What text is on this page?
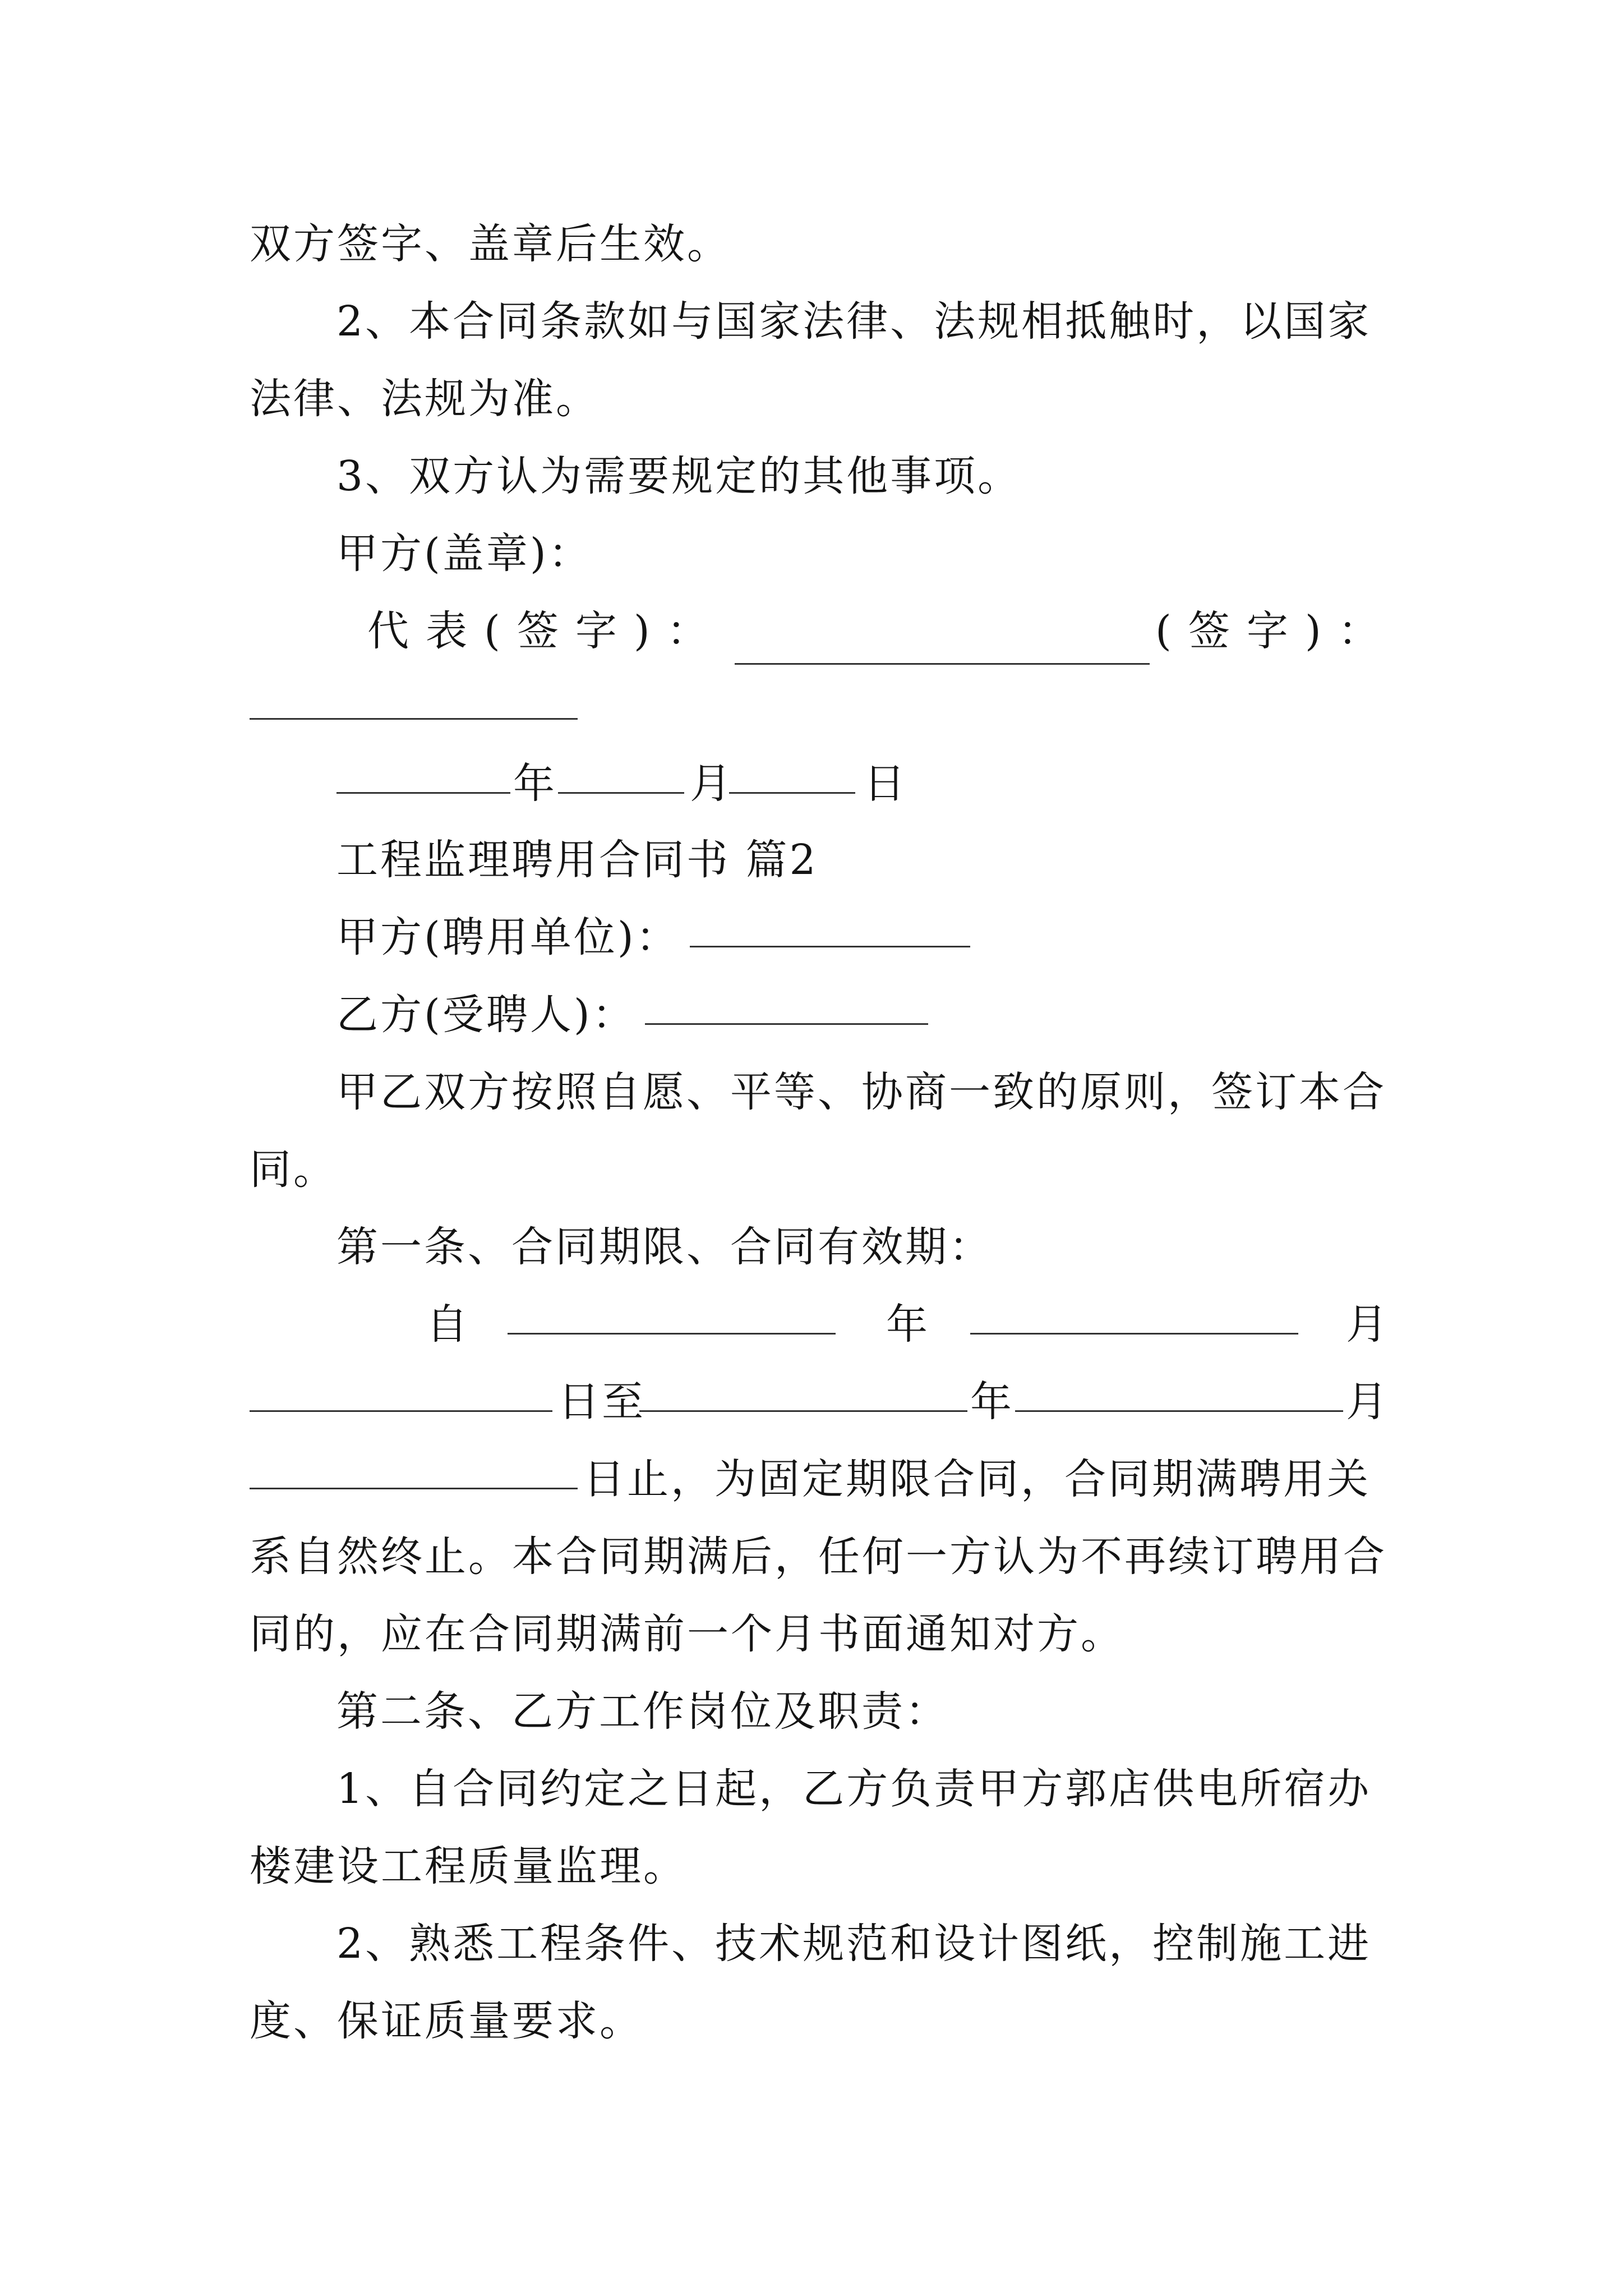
双方签字、盖章后生效。
2、本合同条款如与国家法律、法规相抵触时，以国家
法律、法规为准。
3、双方认为需要规定的其他事项。
甲方(盖章)：
代表(签字)：	(签字)：
年	月	日
工程监理聘用合同书 篇2
甲方(聘用单位)：
乙方(受聘人)：
甲乙双方按照自愿、平等、协商一致的原则，签订本合
同。
第一条、合同期限、合同有效期：
自	年	月
日至	年	月
日止，为固定期限合同，合同期满聘用关
系自然终止。本合同期满后，任何一方认为不再续订聘用合
同的，应在合同期满前一个月书面通知对方。
第二条、乙方工作岗位及职责：
1、自合同约定之日起，乙方负责甲方郭店供电所宿办
楼建设工程质量监理。
2、熟悉工程条件、技术规范和设计图纸，控制施工进
度、保证质量要求。
